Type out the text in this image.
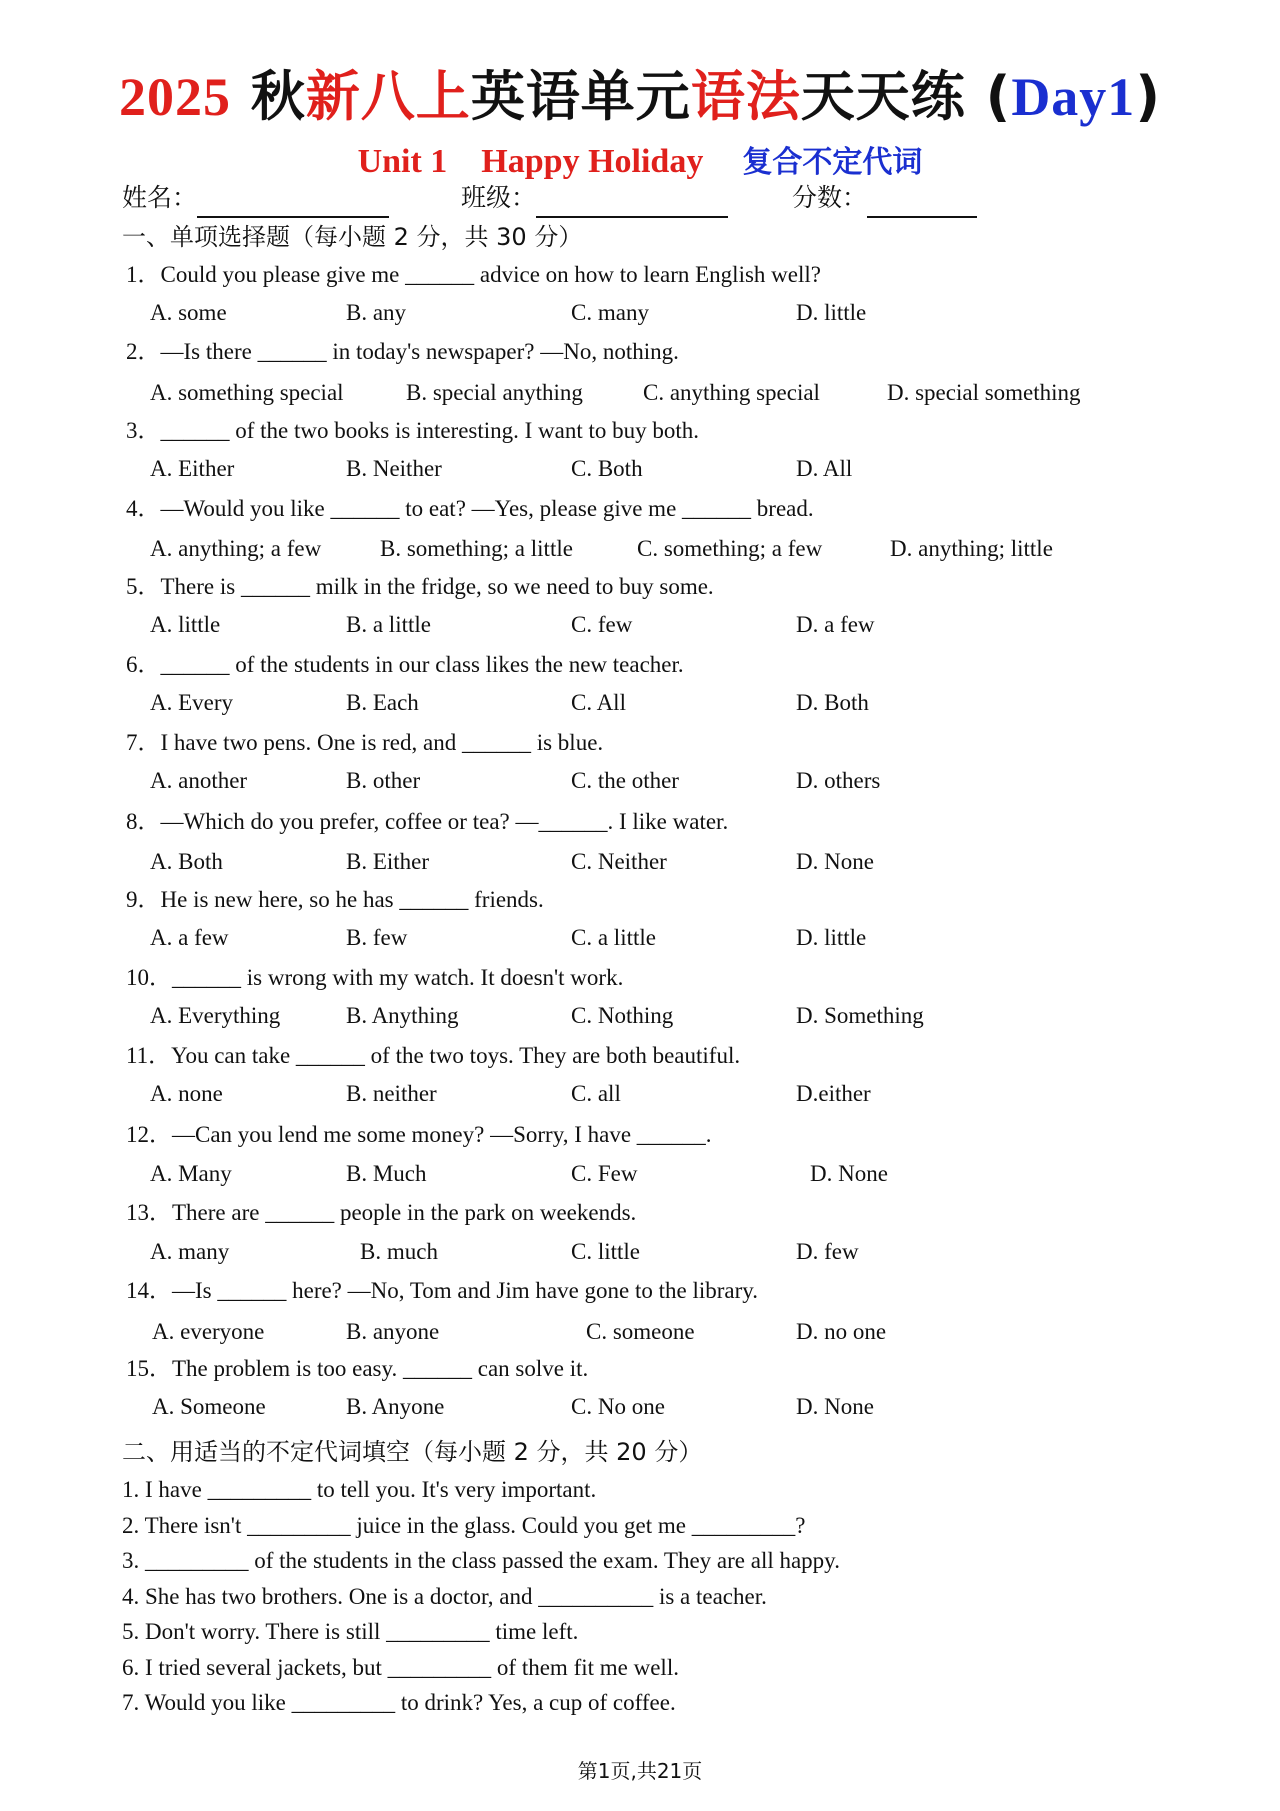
2025 秋新八上英语单元语法天天练 (Day1)
Unit 1    Happy Holiday 复合不定代词
姓名：	班级：	分数：
一、单项选择题（每小题 2 分，共 30 分）
1．Could you please give me ______ advice on how to learn English well?
A. some	B. any	C. many	D. little
2．—Is there ______ in today's newspaper? —No, nothing.
A. something special	B. special anything	C. anything special	D. special something
3．______ of the two books is interesting. I want to buy both.
A. Either	B. Neither	C. Both	D. All
4．—Would you like ______ to eat? —Yes, please give me ______ bread.
A. anything; a few	B. something; a little	C. something; a few	D. anything; little
5．There is ______ milk in the fridge, so we need to buy some.
A. little	B. a little	C. few	D. a few
6．______ of the students in our class likes the new teacher.
A. Every	B. Each	C. All	D. Both
7．I have two pens. One is red, and ______ is blue.
A. another	B. other	C. the other	D. others
8．—Which do you prefer, coffee or tea? —______. I like water.
A. Both	B. Either	C. Neither	D. None
9．He is new here, so he has ______ friends.
A. a few	B. few	C. a little	D. little
10．______ is wrong with my watch. It doesn't work.
A. Everything	B. Anything	C. Nothing	D. Something
11．You can take ______ of the two toys. They are both beautiful.
A. none	B. neither	C. all	D.either
12．—Can you lend me some money? —Sorry, I have ______.
A. Many	B. Much	C. Few	D. None
13．There are ______ people in the park on weekends.
A. many	B. much	C. little	D. few
14．—Is ______ here? —No, Tom and Jim have gone to the library.
A. everyone	B. anyone	C. someone	D. no one
15．The problem is too easy. ______ can solve it.
A. Someone	B. Anyone	C. No one	D. None
二、用适当的不定代词填空（每小题 2 分，共 20 分）
1. I have _________ to tell you. It's very important.
2. There isn't _________ juice in the glass. Could you get me _________?
3. _________ of the students in the class passed the exam. They are all happy.
4. She has two brothers. One is a doctor, and __________ is a teacher.
5. Don't worry. There is still _________ time left.
6. I tried several jackets, but _________ of them fit me well.
7. Would you like _________ to drink? Yes, a cup of coffee.
第1页,共21页
